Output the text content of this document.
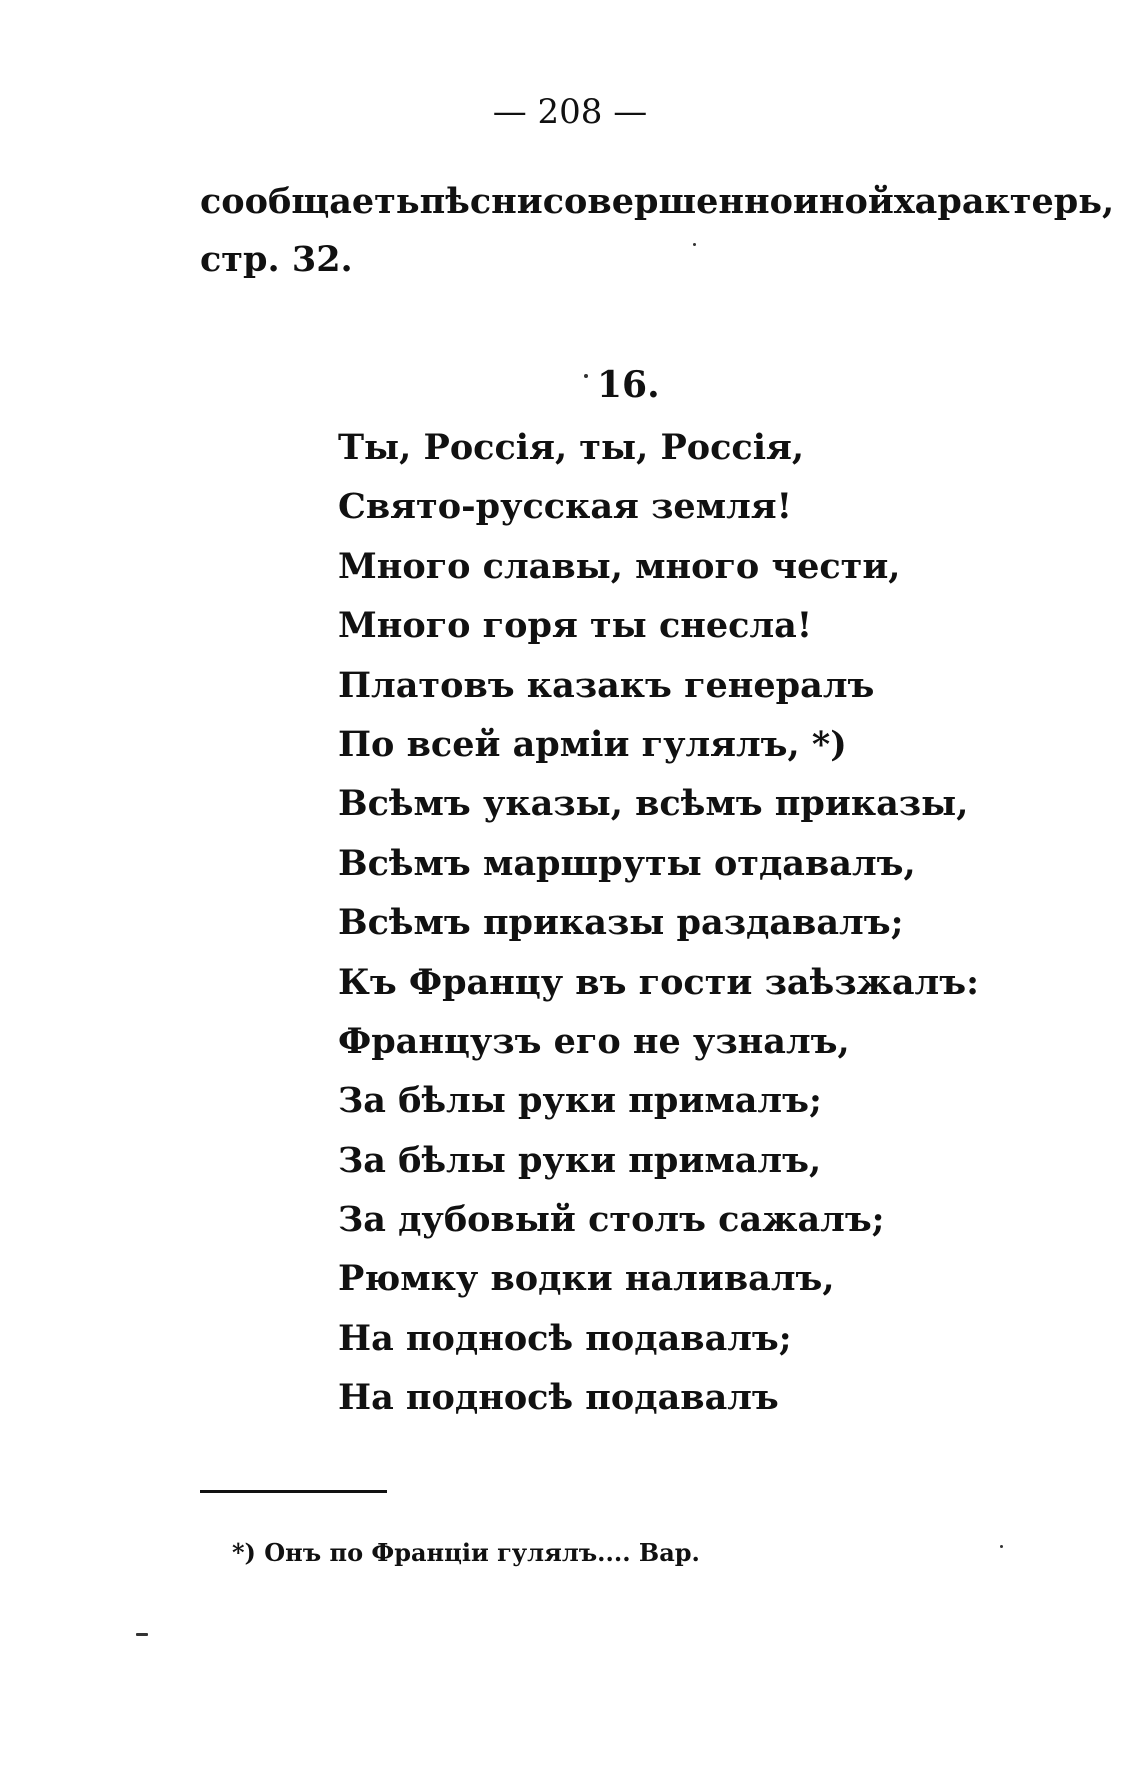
— 208 —

сообщаеть пѣсни совершенно иной характерь,

стр. 32.

16.
Ты, Россія, ты, Россія,
Свято-русская земля!
Много славы, много чести,
Много горя ты снесла!
Платовъ казакъ генералъ
По всей арміи гулялъ, *)
Всѣмъ указы, всѣмъ приказы,
Всѣмъ маршруты отдавалъ,
Всѣмъ приказы раздавалъ;
Къ Францу въ гости заѣзжалъ:
Французъ его не узналъ,
За бѣлы руки прималъ;
За бѣлы руки прималъ,
За дубовый столъ сажалъ;
Рюмку водки наливалъ,
На подносѣ подавалъ;
На подносѣ подавалъ
*) Онъ по Францiи гулялъ.... Вар.
